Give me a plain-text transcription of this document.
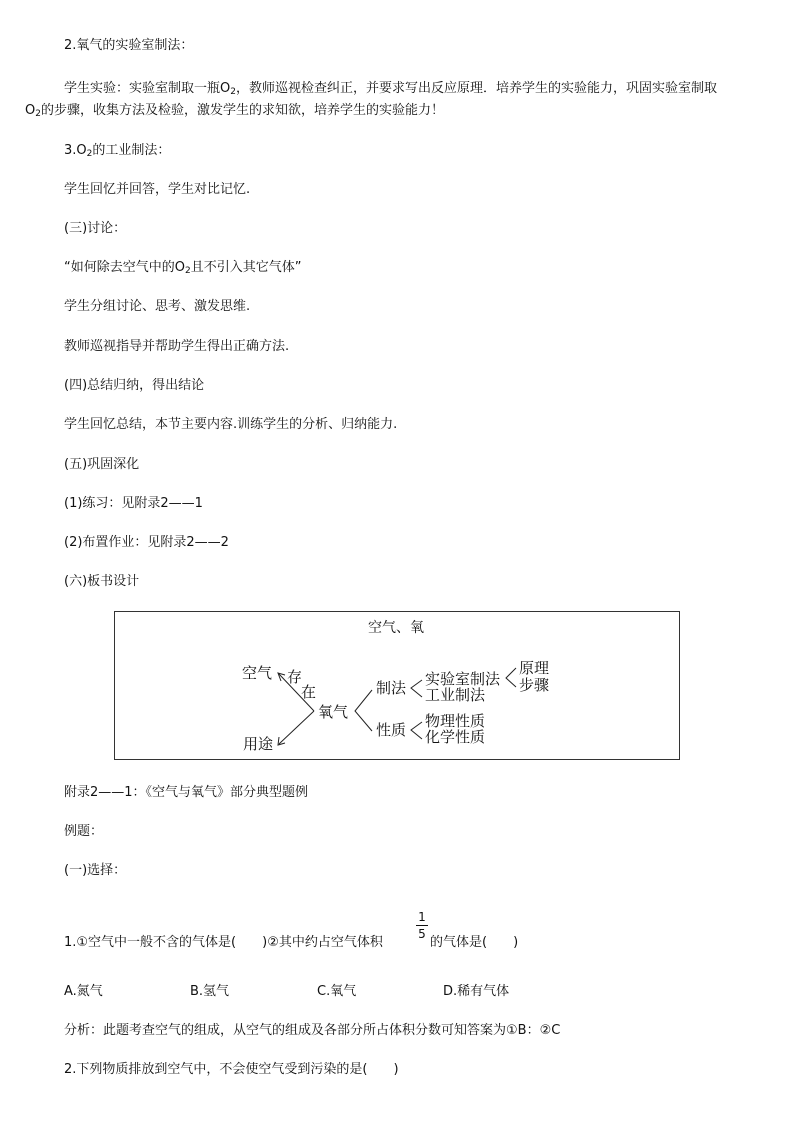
2.氧气的实验室制法：
学生实验：实验室制取一瓶$O_2$，教师巡视检查纠正，并要求写出反应原理．培养学生的实验能力，巩固实验室制取
$O_2$的步骤，收集方法及检验，激发学生的求知欲，培养学生的实验能力！
$3.O_2$的工业制法：
学生回忆并回答，学生对比记忆.
(三)讨论：
“如何除去空气中的$O_2$且不引入其它气体”
学生分组讨论、思考、激发思维.
教师巡视指导并帮助学生得出正确方法.
(四)总结归纳，得出结论
学生回忆总结，本节主要内容.训练学生的分析、归纳能力.
(五)巩固深化
(1)练习：见附录2——1
(2)布置作业：见附录2——2
(六)板书设计
空气、氧
空气 存
在
用途
氧气
制法
性质
实验室制法
工业制法
原理
步骤
物理性质
化学性质
附录2——1：《空气与氧气》部分典型题例
例题：
(一)选择：
1.①空气中一般不含的气体是(　　)②其中约占空气体积
1
5
的气体是(　　)
A.氮气	B.氢气	C.氧气	D.稀有气体
分析：此题考查空气的组成，从空气的组成及各部分所占体积分数可知答案为①B：②C
2.下列物质排放到空气中，不会使空气受到污染的是(　　)
